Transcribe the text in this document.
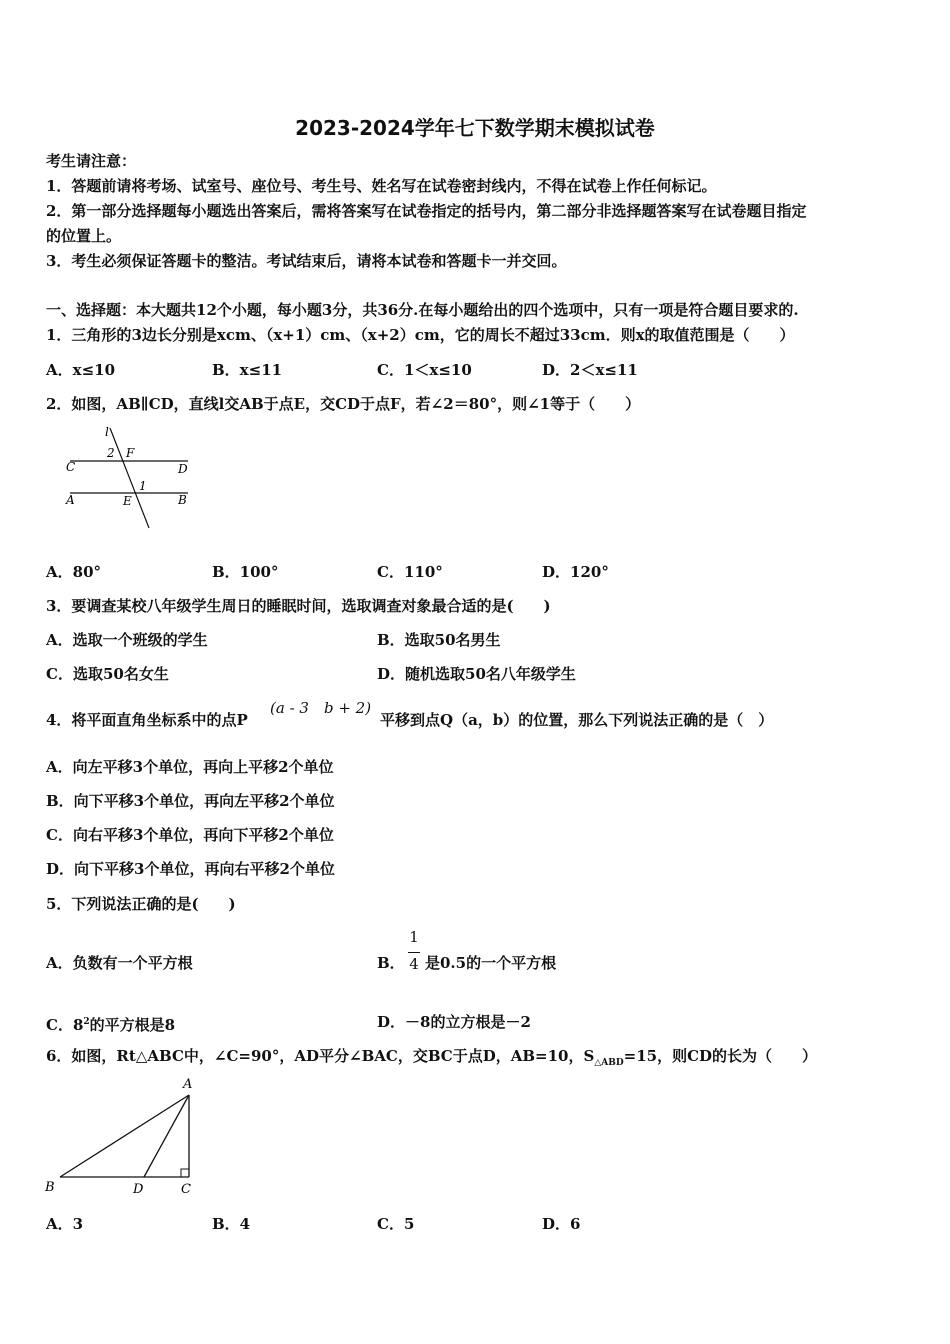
2023-2024学年七下数学期末模拟试卷
考生请注意：
1．答题前请将考场、试室号、座位号、考生号、姓名写在试卷密封线内，不得在试卷上作任何标记。
2．第一部分选择题每小题选出答案后，需将答案写在试卷指定的括号内，第二部分非选择题答案写在试卷题目指定
的位置上。
3．考生必须保证答题卡的整洁。考试结束后，请将本试卷和答题卡一并交回。
一、选择题：本大题共12个小题，每小题3分，共36分.在每小题给出的四个选项中，只有一项是符合题目要求的.
1．三角形的3边长分别是xcm、（x+1）cm、（x+2）cm，它的周长不超过33cm．则x的取值范围是（　　）
A．x≤10	B．x≤11	C．1＜x≤10	D．2＜x≤11
2．如图，AB∥CD，直线l交AB于点E，交CD于点F，若∠2＝80°，则∠1等于（　　）
l
2 F
C	D
1
A	E	B
A．80°	B．100°	C．110°	D．120°
3．要调查某校八年级学生周日的睡眠时间，选取调查对象最合适的是(　　)
A．选取一个班级的学生	B．选取50名男生
C．选取50名女生	D．随机选取50名八年级学生
4．将平面直角坐标系中的点P
(a - 3　b + 2)
平移到点Q（a，b）的位置，那么下列说法正确的是（　）
A．向左平移3个单位，再向上平移2个单位
B．向下平移3个单位，再向左平移2个单位
C．向右平移3个单位，再向下平移2个单位
D．向下平移3个单位，再向右平移2个单位
5．下列说法正确的是(　　)
A．负数有一个平方根	B．
1
4 是0.5的一个平方根
C．$8^2$的平方根是8	D．－8的立方根是－2
6．如图，Rt△ABC中，∠C=90°，AD平分∠BAC，交BC于点D，AB=10，$S_{\triangle ABD}=15$，则CD的长为（　　）
A
B	D	C
A．3	B．4	C．5	D．6
